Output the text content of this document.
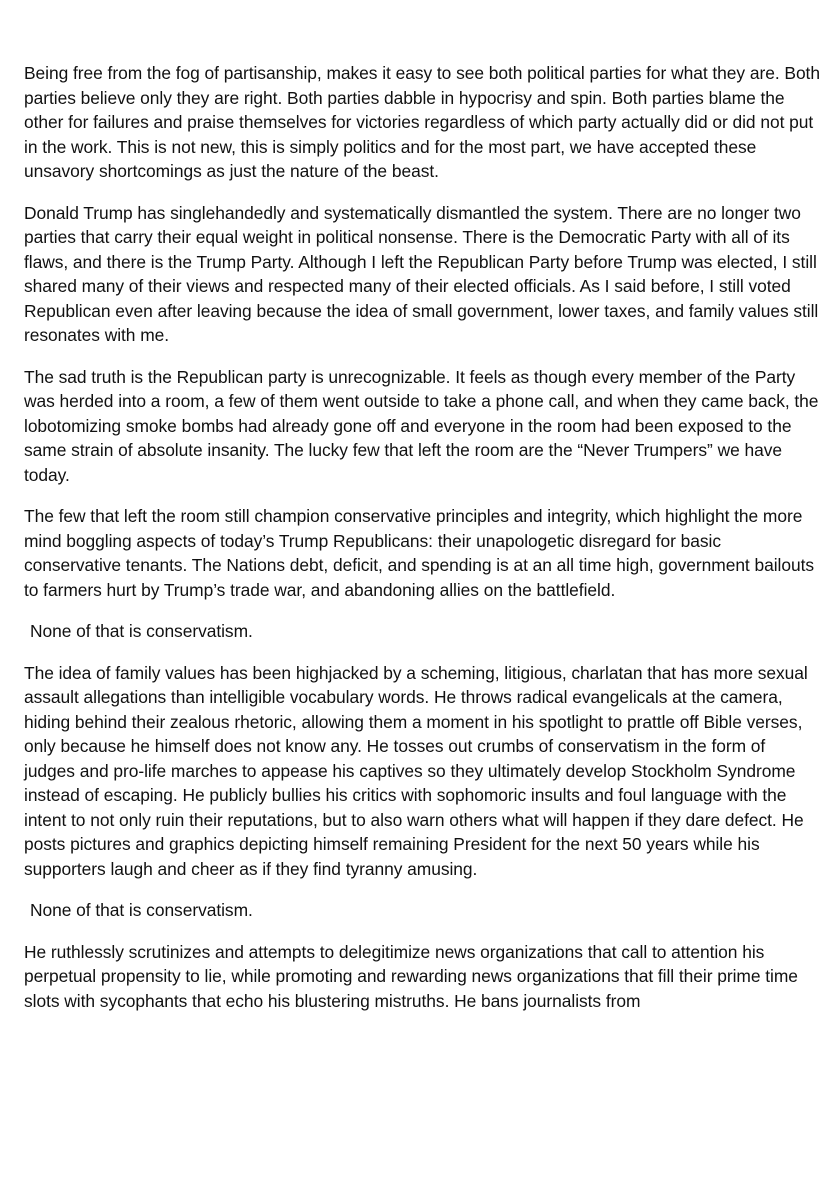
Being free from the fog of partisanship, makes it easy to see both political parties for what they are. Both parties believe only they are right. Both parties dabble in hypocrisy and spin. Both parties blame the other for failures and praise themselves for victories regardless of which party actually did or did not put in the work. This is not new, this is simply politics and for the most part, we have accepted these unsavory shortcomings as just the nature of the beast.

Donald Trump has singlehandedly and systematically dismantled the system. There are no longer two parties that carry their equal weight in political nonsense. There is the Democratic Party with all of its flaws, and there is the Trump Party. Although I left the Republican Party before Trump was elected, I still shared many of their views and respected many of their elected officials. As I said before, I still voted Republican even after leaving because the idea of small government, lower taxes, and family values still resonates with me.

The sad truth is the Republican party is unrecognizable. It feels as though every member of the Party was herded into a room, a few of them went outside to take a phone call, and when they came back, the lobotomizing smoke bombs had already gone off and everyone in the room had been exposed to the same strain of absolute insanity. The lucky few that left the room are the “Never Trumpers” we have today.

The few that left the room still champion conservative principles and integrity, which highlight the more mind boggling aspects of today’s Trump Republicans: their unapologetic disregard for basic conservative tenants. The Nations debt, deficit, and spending is at an all time high, government bailouts to farmers hurt by Trump’s trade war, and abandoning allies on the battlefield.

None of that is conservatism.

The idea of family values has been highjacked by a scheming, litigious, charlatan that has more sexual assault allegations than intelligible vocabulary words. He throws radical evangelicals at the camera, hiding behind their zealous rhetoric, allowing them a moment in his spotlight to prattle off Bible verses, only because he himself does not know any. He tosses out crumbs of conservatism in the form of judges and pro-life marches to appease his captives so they ultimately develop Stockholm Syndrome instead of escaping. He publicly bullies his critics with sophomoric insults and foul language with the intent to not only ruin their reputations, but to also warn others what will happen if they dare defect. He posts pictures and graphics depicting himself remaining President for the next 50 years while his supporters laugh and cheer as if they find tyranny amusing.

None of that is conservatism.

He ruthlessly scrutinizes and attempts to delegitimize news organizations that call to attention his perpetual propensity to lie, while promoting and rewarding news organizations that fill their prime time slots with sycophants that echo his blustering mistruths. He bans journalists from
